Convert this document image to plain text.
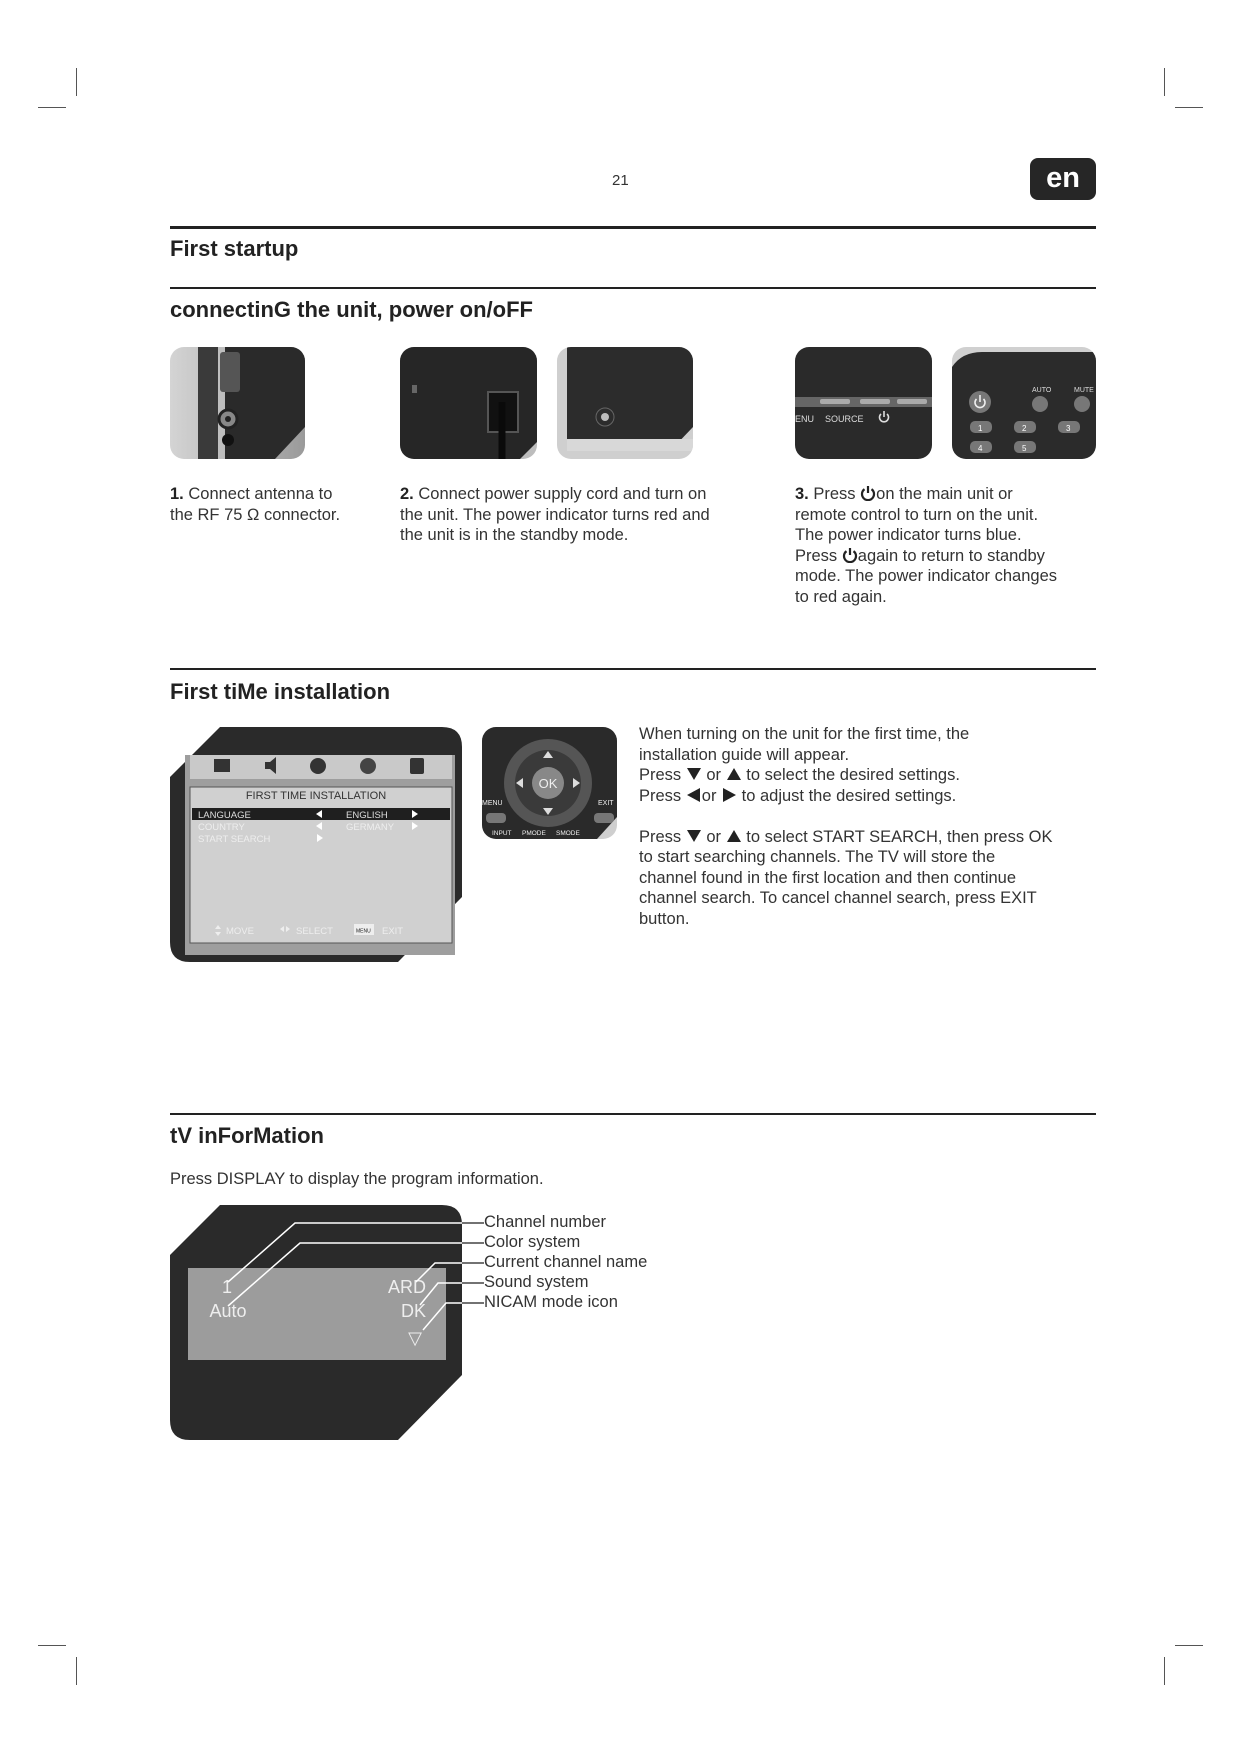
21	en
First startup
connectinG the unit, power on/oFF
ENU SOURCE
AUTO	MUTE
1	2	3
4	5
1. Connect antenna to
the RF 75 Ω connector.
2. Connect power supply cord and turn on
the unit. The power indicator turns red and
the unit is in the standby mode.
3. Press on the main unit or
remote control to turn on the unit.
The power indicator turns blue.
Press again to return to standby
mode. The power indicator changes
to red again.
First tiMe installation
FIRST TIME INSTALLATION
LANGUAGE	ENGLISH
COUNTRY	GERMANY
START SEARCH
MOVE	SELECT	MENU EXIT
OK
MENU	EXIT
INPUT PMODE SMODE
When turning on the unit for the first time, the
installation guide will appear.
Press or to select the desired settings.
Press or to adjust the desired settings.

Press or to select START SEARCH, then press OK
to start searching channels. The TV will store the
channel found in the first location and then continue
channel search. To cancel channel search, press EXIT
button.
tV inForMation
Press DISPLAY to display the program information.
1
Auto
ARD
DK
▽
Channel number
Color system
Current channel name
Sound system
NICAM mode icon
